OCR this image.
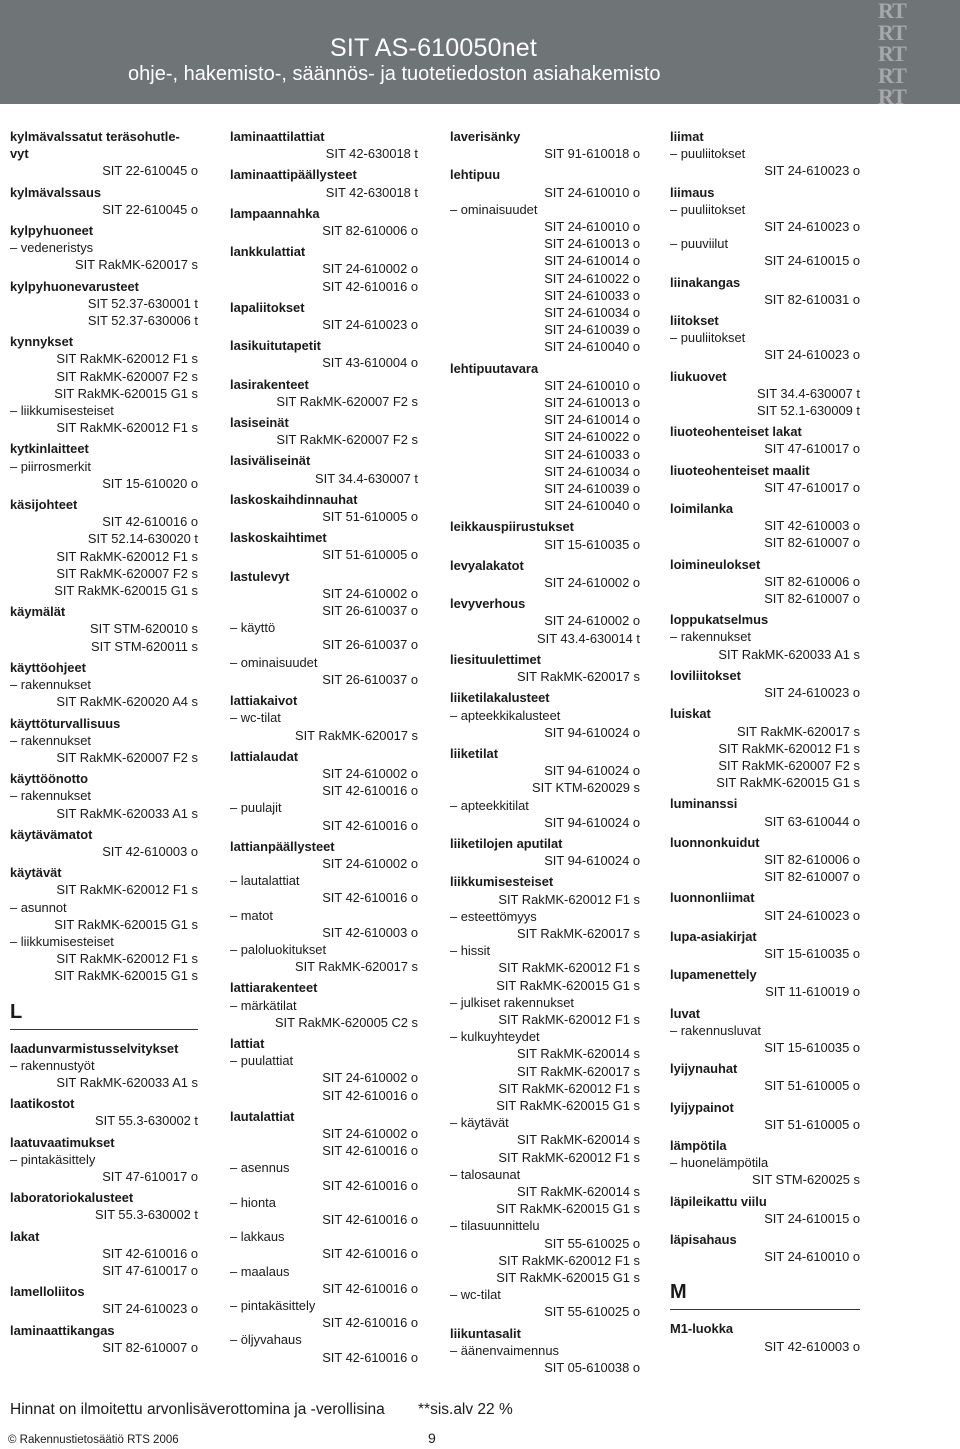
SIT AS-610050net
ohje-, hakemisto-, säännös- ja tuotetiedoston asiahakemisto
RT
RT
RT
RT
RT
kylmävalssatut teräsohutle-
vyt
SIT 22-610045 o
kylmävalssaus
SIT 22-610045 o
kylpyhuoneet
– vedeneristys
SIT RakMK-620017 s
kylpyhuonevarusteet
SIT 52.37-630001 t
SIT 52.37-630006 t
kynnykset
SIT RakMK-620012 F1 s
SIT RakMK-620007 F2 s
SIT RakMK-620015 G1 s
– liikkumisesteiset
SIT RakMK-620012 F1 s
kytkinlaitteet
– piirrosmerkit
SIT 15-610020 o
käsijohteet
SIT 42-610016 o
SIT 52.14-630020 t
SIT RakMK-620012 F1 s
SIT RakMK-620007 F2 s
SIT RakMK-620015 G1 s
käymälät
SIT STM-620010 s
SIT STM-620011 s
käyttöohjeet
– rakennukset
SIT RakMK-620020 A4 s
käyttöturvallisuus
– rakennukset
SIT RakMK-620007 F2 s
käyttöönotto
– rakennukset
SIT RakMK-620033 A1 s
käytävämatot
SIT 42-610003 o
käytävät
SIT RakMK-620012 F1 s
– asunnot
SIT RakMK-620015 G1 s
– liikkumisesteiset
SIT RakMK-620012 F1 s
SIT RakMK-620015 G1 s
L
laadunvarmistusselvitykset
– rakennustyöt
SIT RakMK-620033 A1 s
laatikostot
SIT 55.3-630002 t
laatuvaatimukset
– pintakäsittely
SIT 47-610017 o
laboratoriokalusteet
SIT 55.3-630002 t
lakat
SIT 42-610016 o
SIT 47-610017 o
lamelloliitos
SIT 24-610023 o
laminaattikangas
SIT 82-610007 o
laminaattilattiat
SIT 42-630018 t
laminaattipäällysteet
SIT 42-630018 t
lampaannahka
SIT 82-610006 o
lankkulattiat
SIT 24-610002 o
SIT 42-610016 o
lapaliitokset
SIT 24-610023 o
lasikuitutapetit
SIT 43-610004 o
lasirakenteet
SIT RakMK-620007 F2 s
lasiseinät
SIT RakMK-620007 F2 s
lasiväliseinät
SIT 34.4-630007 t
laskoskaihdinnauhat
SIT 51-610005 o
laskoskaihtimet
SIT 51-610005 o
lastulevyt
SIT 24-610002 o
SIT 26-610037 o
– käyttö
SIT 26-610037 o
– ominaisuudet
SIT 26-610037 o
lattiakaivot
– wc-tilat
SIT RakMK-620017 s
lattialaudat
SIT 24-610002 o
SIT 42-610016 o
– puulajit
SIT 42-610016 o
lattianpäällysteet
SIT 24-610002 o
– lautalattiat
SIT 42-610016 o
– matot
SIT 42-610003 o
– paloluokitukset
SIT RakMK-620017 s
lattiarakenteet
– märkätilat
SIT RakMK-620005 C2 s
lattiat
– puulattiat
SIT 24-610002 o
SIT 42-610016 o
lautalattiat
SIT 24-610002 o
SIT 42-610016 o
– asennus
SIT 42-610016 o
– hionta
SIT 42-610016 o
– lakkaus
SIT 42-610016 o
– maalaus
SIT 42-610016 o
– pintakäsittely
SIT 42-610016 o
– öljyvahaus
SIT 42-610016 o
laverisänky
SIT 91-610018 o
lehtipuu
SIT 24-610010 o
– ominaisuudet
SIT 24-610010 o
SIT 24-610013 o
SIT 24-610014 o
SIT 24-610022 o
SIT 24-610033 o
SIT 24-610034 o
SIT 24-610039 o
SIT 24-610040 o
lehtipuutavara
SIT 24-610010 o
SIT 24-610013 o
SIT 24-610014 o
SIT 24-610022 o
SIT 24-610033 o
SIT 24-610034 o
SIT 24-610039 o
SIT 24-610040 o
leikkauspiirustukset
SIT 15-610035 o
levyalakatot
SIT 24-610002 o
levyverhous
SIT 24-610002 o
SIT 43.4-630014 t
liesituulettimet
SIT RakMK-620017 s
liiketilakalusteet
– apteekkikalusteet
SIT 94-610024 o
liiketilat
SIT 94-610024 o
SIT KTM-620029 s
– apteekkitilat
SIT 94-610024 o
liiketilojen aputilat
SIT 94-610024 o
liikkumisesteiset
SIT RakMK-620012 F1 s
– esteettömyys
SIT RakMK-620017 s
– hissit
SIT RakMK-620012 F1 s
SIT RakMK-620015 G1 s
– julkiset rakennukset
SIT RakMK-620012 F1 s
– kulkuyhteydet
SIT RakMK-620014 s
SIT RakMK-620017 s
SIT RakMK-620012 F1 s
SIT RakMK-620015 G1 s
– käytävät
SIT RakMK-620014 s
SIT RakMK-620012 F1 s
– talosaunat
SIT RakMK-620014 s
SIT RakMK-620015 G1 s
– tilasuunnittelu
SIT 55-610025 o
SIT RakMK-620012 F1 s
SIT RakMK-620015 G1 s
– wc-tilat
SIT 55-610025 o
liikuntasalit
– äänenvaimennus
SIT 05-610038 o
liimat
– puuliitokset
SIT 24-610023 o
liimaus
– puuliitokset
SIT 24-610023 o
– puuviilut
SIT 24-610015 o
liinakangas
SIT 82-610031 o
liitokset
– puuliitokset
SIT 24-610023 o
liukuovet
SIT 34.4-630007 t
SIT 52.1-630009 t
liuoteohenteiset lakat
SIT 47-610017 o
liuoteohenteiset maalit
SIT 47-610017 o
loimilanka
SIT 42-610003 o
SIT 82-610007 o
loimineulokset
SIT 82-610006 o
SIT 82-610007 o
loppukatselmus
– rakennukset
SIT RakMK-620033 A1 s
loviliitokset
SIT 24-610023 o
luiskat
SIT RakMK-620017 s
SIT RakMK-620012 F1 s
SIT RakMK-620007 F2 s
SIT RakMK-620015 G1 s
luminanssi
SIT 63-610044 o
luonnonkuidut
SIT 82-610006 o
SIT 82-610007 o
luonnonliimat
SIT 24-610023 o
lupa-asiakirjat
SIT 15-610035 o
lupamenettely
SIT 11-610019 o
luvat
– rakennusluvat
SIT 15-610035 o
lyijynauhat
SIT 51-610005 o
lyijypainot
SIT 51-610005 o
lämpötila
– huonelämpötila
SIT STM-620025 s
läpileikattu viilu
SIT 24-610015 o
läpisahaus
SIT 24-610010 o
M
M1-luokka
SIT 42-610003 o
Hinnat on ilmoitettu arvonlisäverottomina ja -verollisina **sis.alv 22 %
© Rakennustietosäätiö RTS 2006	9
